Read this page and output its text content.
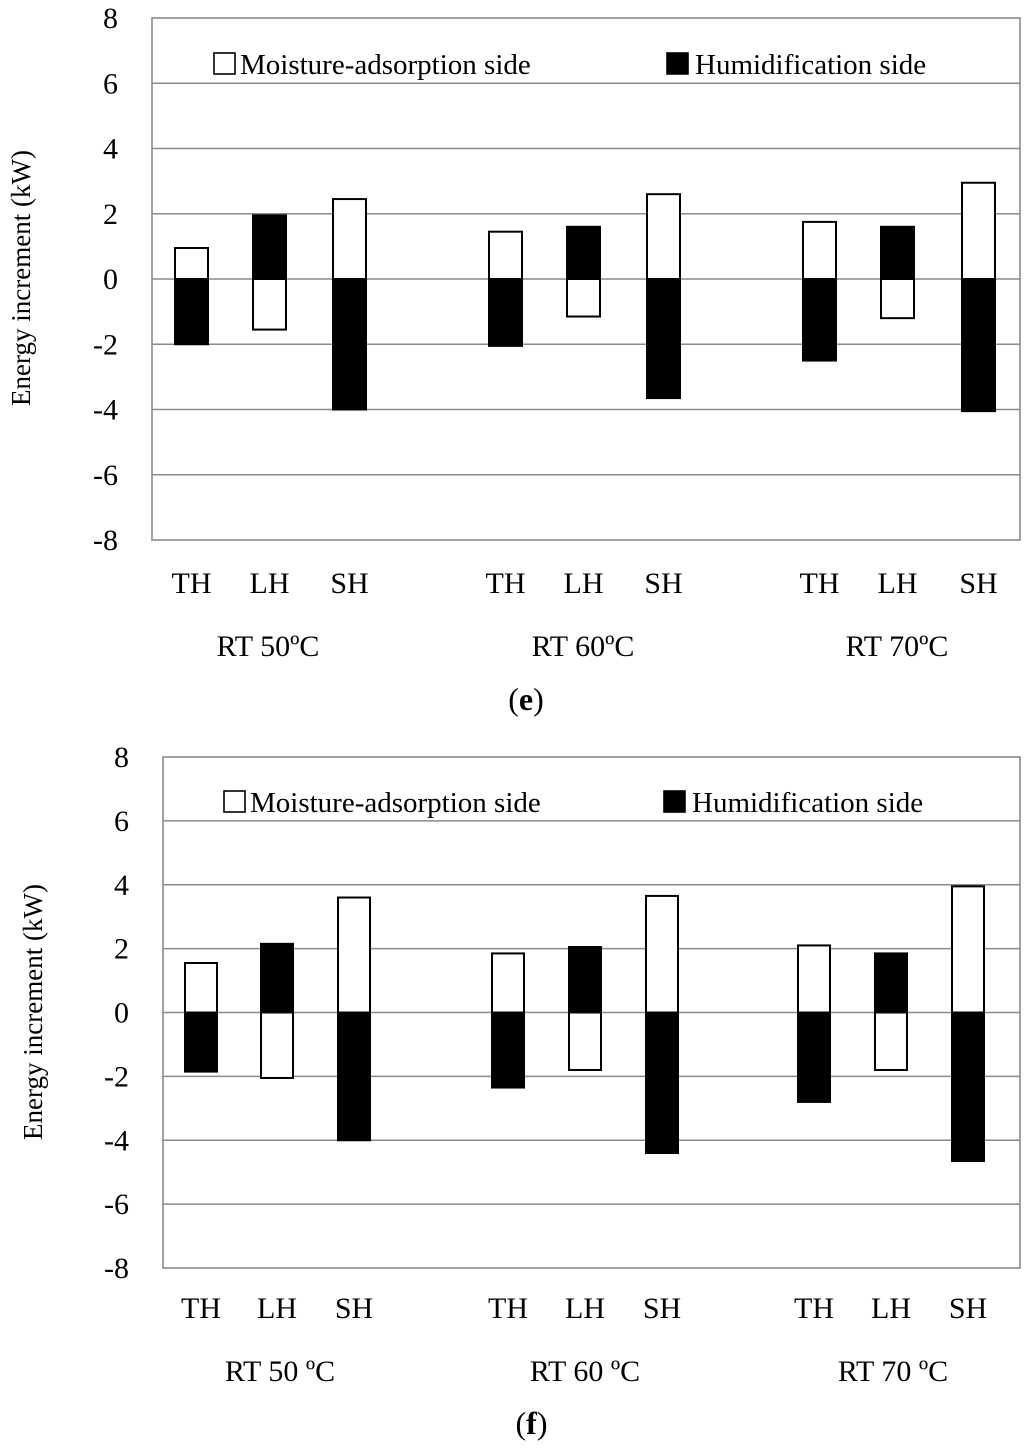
-8
-6
-4
-2
0
2
4
6
8
Energy increment (kW)
TH LH SH
RT 50ºC
TH LH SH
RT 60ºC
TH LH SH
RT 70ºC
Moisture-adsorption side	Humidification side
(e)
-8
-6
-4
-2
0
2
4
6
8
Energy increment (kW)
TH LH SH
RT 50 ºC
TH LH SH
RT 60 ºC
TH LH SH
RT 70 ºC
Moisture-adsorption side	Humidification side
(f)
